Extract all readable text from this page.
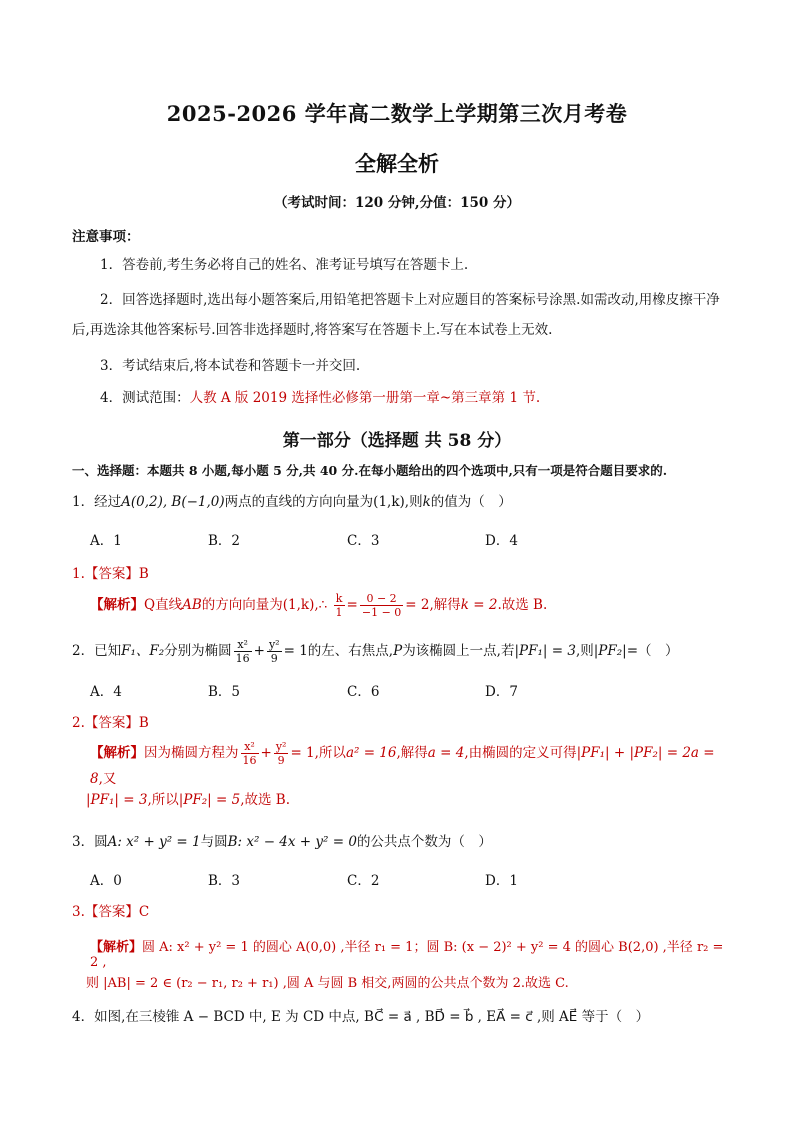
2025-2026 学年高二数学上学期第三次月考卷
全解全析
（考试时间：120 分钟,分值：150 分）
注意事项：
1．答卷前,考生务必将自己的姓名、准考证号填写在答题卡上.
2．回答选择题时,选出每小题答案后,用铅笔把答题卡上对应题目的答案标号涂黑.如需改动,用橡皮擦干净后,再选涂其他答案标号.回答非选择题时,将答案写在答题卡上.写在本试卷上无效.
3．考试结束后,将本试卷和答题卡一并交回.
4．测试范围：人教 A 版 2019 选择性必修第一册第一章~第三章第 1 节.
第一部分（选择题 共 58 分）
一、选择题：本题共 8 小题,每小题 5 分,共 40 分.在每小题给出的四个选项中,只有一项是符合题目要求的.
1．经过A(0,2), B(−1,0)两点的直线的方向向量为(1,k),则k的值为（　）
A．1	B．2	C．3	D．4
1.【答案】B
【解析】Q直线AB的方向向量为(1,k),∴ $\frac{k}{1} = \frac{0 - 2}{-1 - 0} = 2$,解得k = 2.故选 B.
2．已知F₁、F₂分别为椭圆 $\frac{\text{x²}}{16} + \frac{\text{y²}}{9} = 1$的左、右焦点,P为该椭圆上一点,若|PF₁| = 3,则|PF₂|=（　）
A．4	B．5	C．6	D．7
2.【答案】B
【解析】因为椭圆方程为 $\frac{\text{x²}}{16} + \frac{\text{y²}}{9} = 1$,所以a² = 16,解得a = 4,由椭圆的定义可得|PF₁| + |PF₂| = 2a = 8,又
|PF₁| = 3,所以|PF₂| = 5,故选 B.
3．圆A: x² + y² = 1与圆B: x² − 4x + y² = 0的公共点个数为（　）
A．0	B．3	C．2	D．1
3.【答案】C
【解析】圆 A: x² + y² = 1 的圆心 A(0,0) ,半径 r₁ = 1；圆 B: (x − 2)² + y² = 4 的圆心 B(2,0) ,半径 r₂ = 2 ,
则 |AB| = 2 ∈ (r₂ − r₁, r₂ + r₁) ,圆 A 与圆 B 相交,两圆的公共点个数为 2.故选 C.
4．如图,在三棱锥 A − BCD 中, E 为 CD 中点, BC⃗ = a⃗ , BD⃗ = b⃗ , EA⃗ = c⃗ ,则 AE⃗ 等于（　）
